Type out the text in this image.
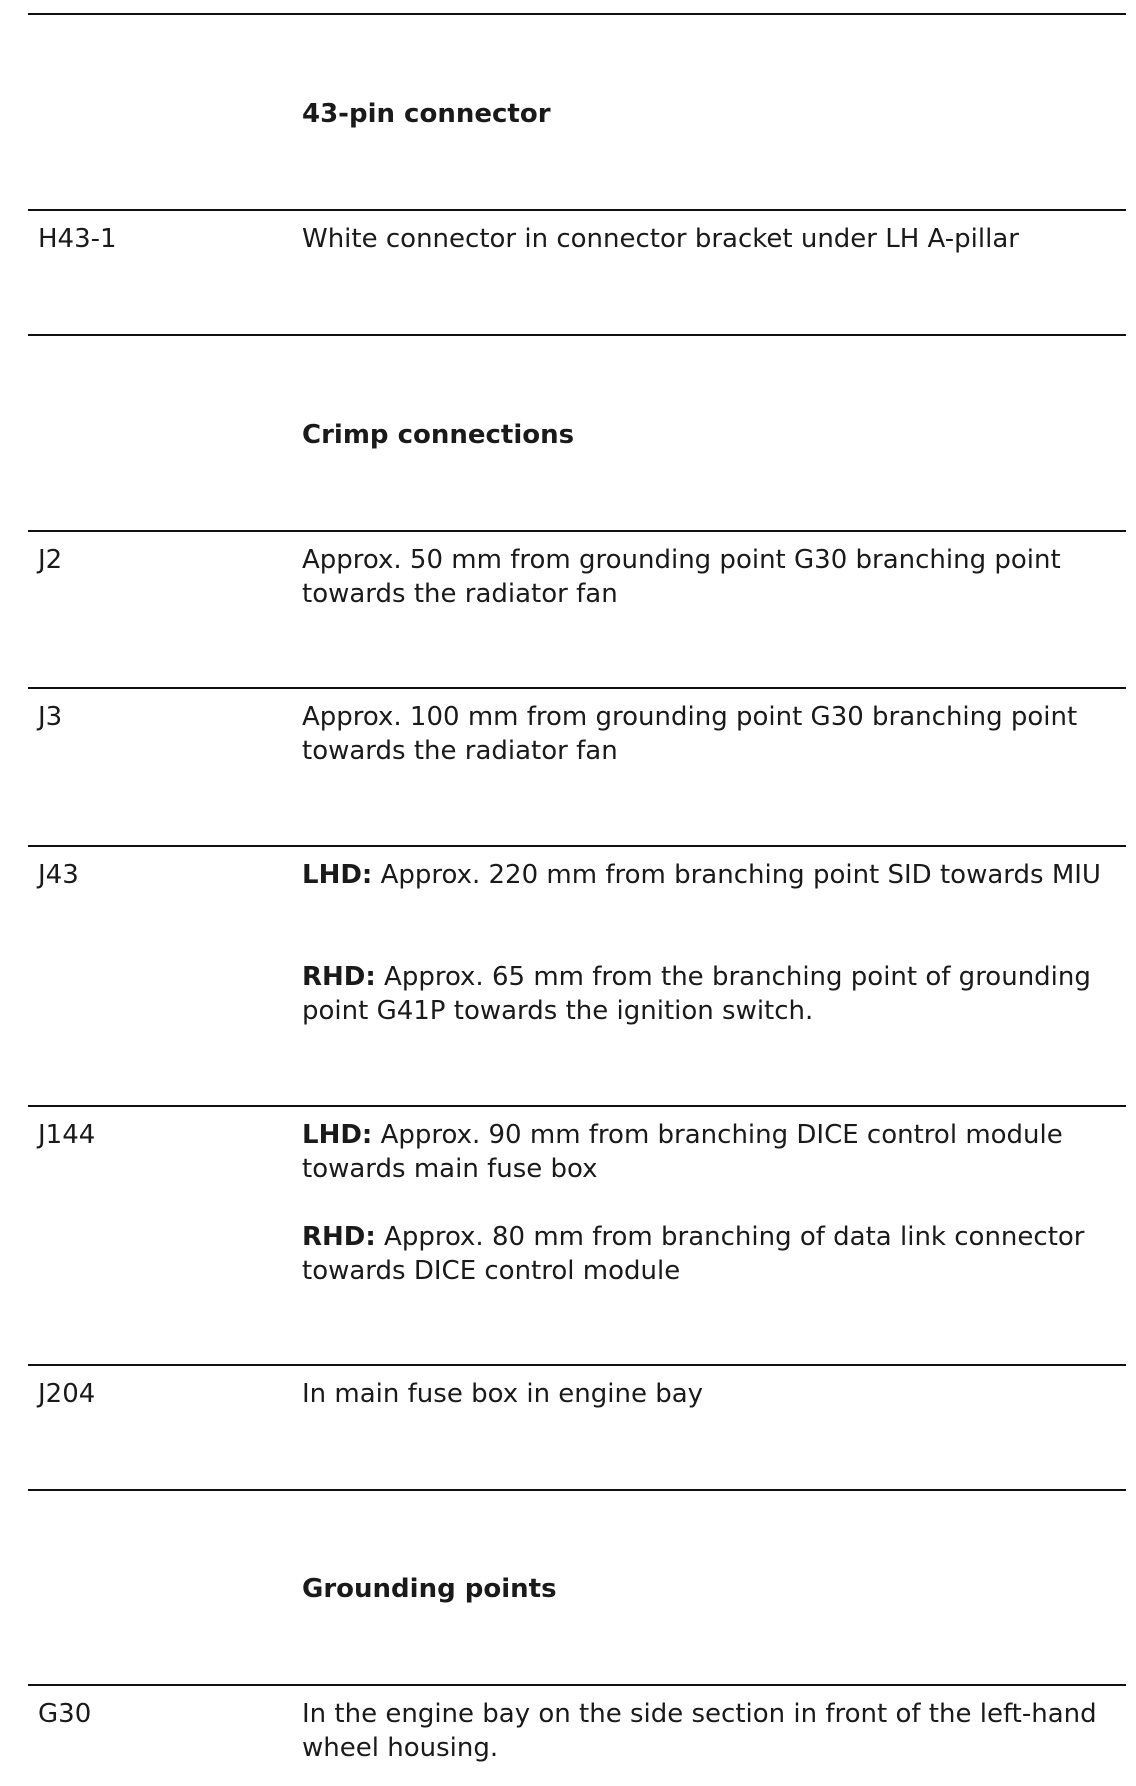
43-pin connector
H43-1	White connector in connector bracket under LH A-pillar
Crimp connections
J2	Approx. 50 mm from grounding point G30 branching point towards the radiator fan
J3	Approx. 100 mm from grounding point G30 branching point towards the radiator fan
J43	LHD: Approx. 220 mm from branching point SID towards MIU
RHD: Approx. 65 mm from the branching point of grounding point G41P towards the ignition switch.
J144	LHD: Approx. 90 mm from branching DICE control module towards main fuse box
RHD: Approx. 80 mm from branching of data link connector towards DICE control module
J204	In main fuse box in engine bay
Grounding points
G30	In the engine bay on the side section in front of the left-hand wheel housing.
